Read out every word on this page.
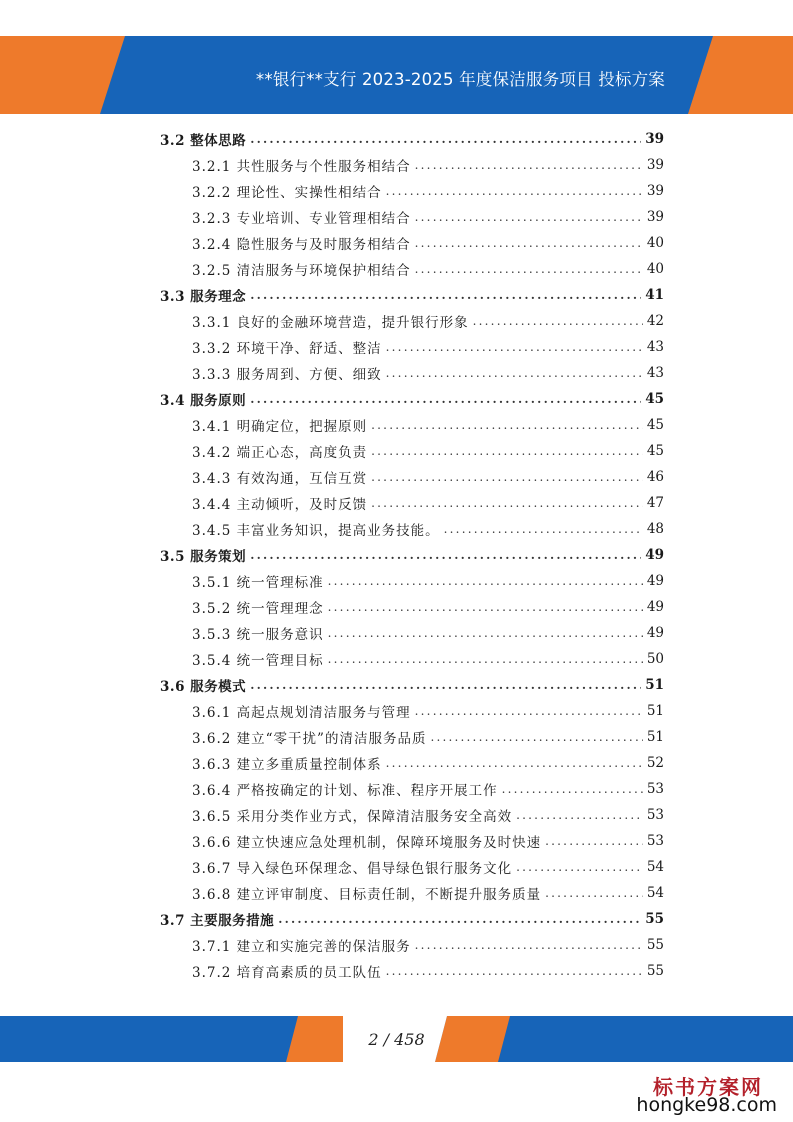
**银行**支行 2023-2025 年度保洁服务项目 投标方案
3.2 整体思路 .....	39
3.2.1 共性服务与个性服务相结合 .....	39
3.2.2 理论性、实操性相结合 .....	39
3.2.3 专业培训、专业管理相结合 .....	39
3.2.4 隐性服务与及时服务相结合 .....	40
3.2.5 清洁服务与环境保护相结合 .....	40
3.3 服务理念 .....	41
3.3.1 良好的金融环境营造，提升银行形象 .....	42
3.3.2 环境干净、舒适、整洁 .....	43
3.3.3 服务周到、方便、细致 .....	43
3.4 服务原则 .....	45
3.4.1 明确定位，把握原则 .....	45
3.4.2 端正心态，高度负责 .....	45
3.4.3 有效沟通，互信互赏 .....	46
3.4.4 主动倾听，及时反馈 .....	47
3.4.5 丰富业务知识，提高业务技能。 .....	48
3.5 服务策划 .....	49
3.5.1 统一管理标准 .....	49
3.5.2 统一管理理念 .....	49
3.5.3 统一服务意识 .....	49
3.5.4 统一管理目标 .....	50
3.6 服务模式 .....	51
3.6.1 高起点规划清洁服务与管理 .....	51
3.6.2 建立“零干扰”的清洁服务品质 .....	51
3.6.3 建立多重质量控制体系 .....	52
3.6.4 严格按确定的计划、标准、程序开展工作 .....	53
3.6.5 采用分类作业方式，保障清洁服务安全高效 .....	53
3.6.6 建立快速应急处理机制，保障环境服务及时快速 .....	53
3.6.7 导入绿色环保理念、倡导绿色银行服务文化 .....	54
3.6.8 建立评审制度、目标责任制，不断提升服务质量 .....	54
3.7 主要服务措施 .....	55
3.7.1 建立和实施完善的保洁服务 .....	55
3.7.2 培育高素质的员工队伍 .....	55
2 / 458
标书方案网
hongke98.com
